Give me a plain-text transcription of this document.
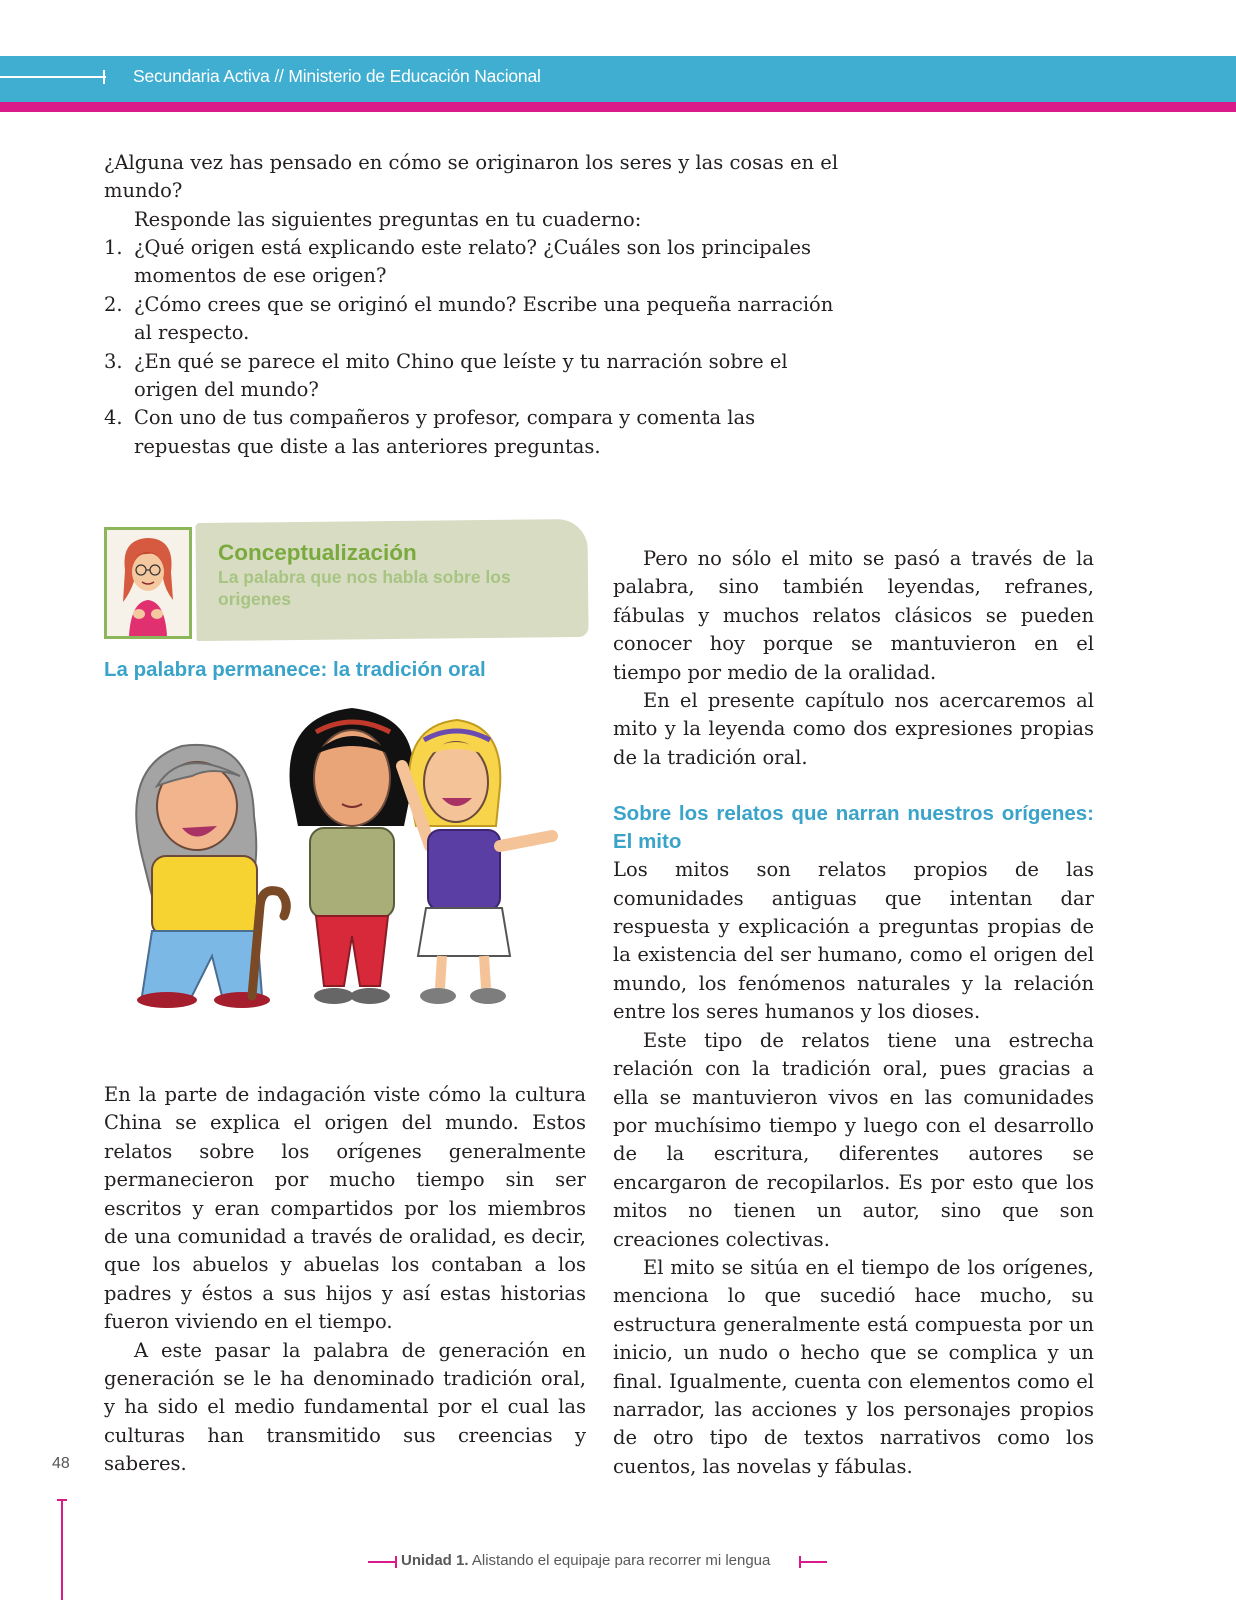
Secundaria Activa // Ministerio de Educación Nacional

¿Alguna vez has pensado en cómo se originaron los seres y las cosas en el mundo?

Responde las siguientes preguntas en tu cuaderno:

1. ¿Qué origen está explicando este relato? ¿Cuáles son los principales momentos de ese origen?
2. ¿Cómo crees que se originó el mundo? Escribe una pequeña narración al respecto.
3. ¿En qué se parece el mito Chino que leíste y tu narración sobre el origen del mundo?
4. Con uno de tus compañeros y profesor, compara y comenta las repuestas que diste a las anteriores preguntas.
Conceptualización
La palabra que nos habla sobre los origenes
La palabra permanece: la tradición oral

En la parte de indagación viste cómo la cultura China se explica el origen del mundo. Estos relatos sobre los orígenes generalmente permanecieron por mucho tiempo sin ser escritos y eran compartidos por los miembros de una comunidad a través de oralidad, es decir, que los abuelos y abuelas los contaban a los padres y éstos a sus hijos y así estas historias fueron viviendo en el tiempo.

A este pasar la palabra de generación en generación se le ha denominado tradición oral, y ha sido el medio fundamental por el cual las culturas han transmitido sus creencias y saberes.

Pero no sólo el mito se pasó a través de la palabra, sino también leyendas, refranes, fábulas y muchos relatos clásicos se pueden conocer hoy porque se mantuvieron en el tiempo por medio de la oralidad.

En el presente capítulo nos acercaremos al mito y la leyenda como dos expresiones propias de la tradición oral.

Sobre los relatos que narran nuestros orígenes: El mito

Los mitos son relatos propios de las comunidades antiguas que intentan dar respuesta y explicación a preguntas propias de la existencia del ser humano, como el origen del mundo, los fenómenos naturales y la relación entre los seres humanos y los dioses.

Este tipo de relatos tiene una estrecha relación con la tradición oral, pues gracias a ella se mantuvieron vivos en las comunidades por muchísimo tiempo y luego con el desarrollo de la escritura, diferentes autores se encargaron de recopilarlos. Es por esto que los mitos no tienen un autor, sino que son creaciones colectivas.

El mito se sitúa en el tiempo de los orígenes, menciona lo que sucedió hace mucho, su estructura generalmente está compuesta por un inicio, un nudo o hecho que se complica y un final. Igualmente, cuenta con elementos como el narrador, las acciones y los personajes propios de otro tipo de textos narrativos como los cuentos, las novelas y fábulas.

48
Unidad 1. Alistando el equipaje para recorrer mi lengua
